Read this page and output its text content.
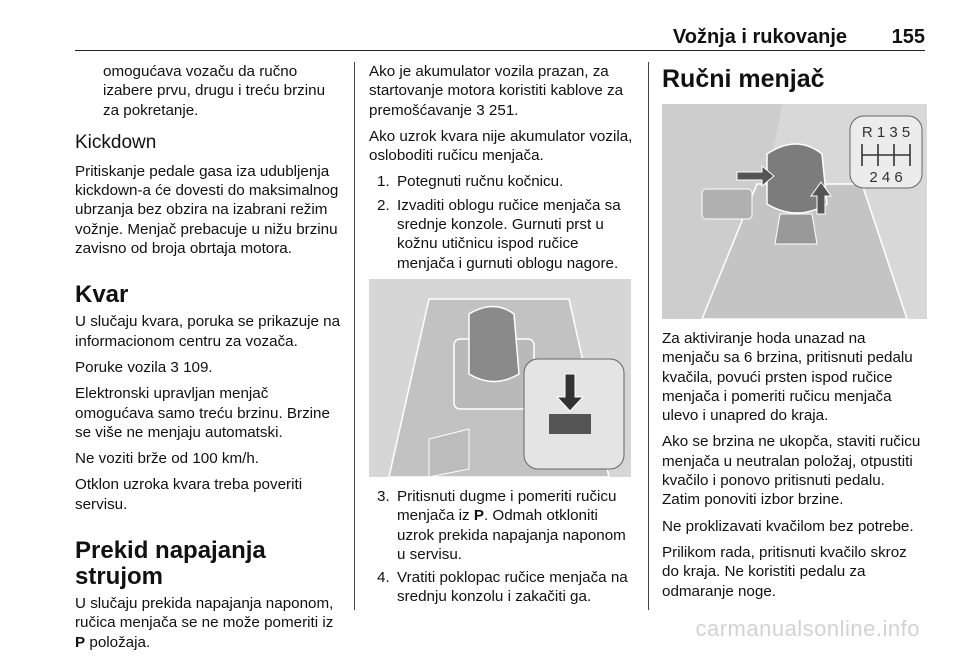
Vožnja i rukovanje 155

omogućava vozaču da ručno izabere prvu, drugu i treću brzinu za pokretanje.

Kickdown

Pritiskanje pedale gasa iza udubljenja kickdown-a će dovesti do maksimalnog ubrzanja bez obzira na izabrani režim vožnje. Menjač prebacuje u nižu brzinu zavisno od broja obrtaja motora.

Kvar

U slučaju kvara, poruka se prikazuje na informacionom centru za vozača.

Poruke vozila 3 109.

Elektronski upravljan menjač omogućava samo treću brzinu. Brzine se više ne menjaju automatski.

Ne voziti brže od 100 km/h.

Otklon uzroka kvara treba poveriti servisu.

Prekid napajanja strujom

U slučaju prekida napajanja naponom, ručica menjača se ne može pomeriti iz P položaja.

Ako je akumulator vozila prazan, za startovanje motora koristiti kablove za premošćavanje 3 251.

Ako uzrok kvara nije akumulator vozila, osloboditi ručicu menjača.

1. Potegnuti ručnu kočnicu.
2. Izvaditi oblogu ručice menjača sa srednje konzole. Gurnuti prst u kožnu utičnicu ispod ručice menjača i gurnuti oblogu nagore.
3. Pritisnuti dugme i pomeriti ručicu menjača iz P. Odmah otkloniti uzrok prekida napajanja naponom u servisu.
4. Vratiti poklopac ručice menjača na srednju konzolu i zakačiti ga.
Ručni menjač
R 1 3 5
2 4 6

Za aktiviranje hoda unazad na menjaču sa 6 brzina, pritisnuti pedalu kvačila, povući prsten ispod ručice menjača i pomeriti ručicu menjača ulevo i unapred do kraja.

Ako se brzina ne ukopča, staviti ručicu menjača u neutralan položaj, otpustiti kvačilo i ponovo pritisnuti pedalu. Zatim ponoviti izbor brzine.

Ne proklizavati kvačilom bez potrebe.

Prilikom rada, pritisnuti kvačilo skroz do kraja. Ne koristiti pedalu za odmaranje noge.

carmanualsonline.info
